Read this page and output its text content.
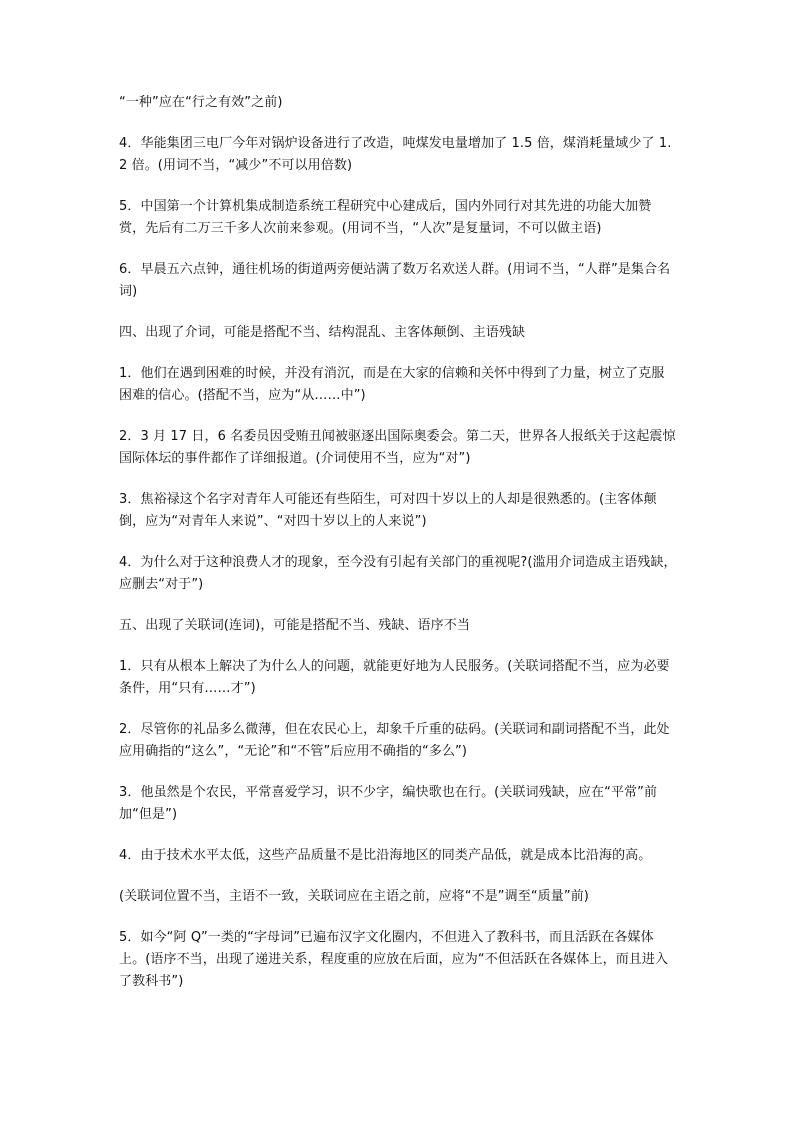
“一种”应在“行之有效”之前)

4．华能集团三电厂今年对锅炉设备进行了改造，吨煤发电量增加了 1.5 倍，煤消耗量域少了 1.2 倍。(用词不当，“减少”不可以用倍数)

5．中国第一个计算机集成制造系统工程研究中心建成后，国内外同行对其先进的功能大加赞赏，先后有二万三千多人次前来参观。(用词不当，“人次”是复量词，不可以做主语)

6．早晨五六点钟，通往机场的街道两旁便站满了数万名欢送人群。(用词不当，“人群”是集合名词)

四、出现了介词，可能是搭配不当、结构混乱、主客体颠倒、主语残缺

1．他们在遇到困难的时候，并没有消沉，而是在大家的信赖和关怀中得到了力量，树立了克服困难的信心。(搭配不当，应为“从……中”)

2．3 月 17 日，6 名委员因受贿丑闻被驱逐出国际奥委会。第二天，世界各人报纸关于这起震惊国际体坛的事件都作了详细报道。(介词使用不当，应为“对”)

3．焦裕禄这个名字对青年人可能还有些陌生，可对四十岁以上的人却是很熟悉的。(主客体颠倒，应为“对青年人来说”、“对四十岁以上的人来说”)

4．为什么对于这种浪费人才的现象，至今没有引起有关部门的重视呢?(滥用介词造成主语残缺，应删去“对于”)

五、出现了关联词(连词)，可能是搭配不当、残缺、语序不当

1．只有从根本上解决了为什么人的问题，就能更好地为人民服务。(关联词搭配不当，应为必要条件，用“只有……才”)

2．尽管你的礼品多么微薄，但在农民心上，却象千斤重的砝码。(关联词和副词搭配不当，此处应用确指的“这么”，“无论”和“不管”后应用不确指的“多么”)

3．他虽然是个农民，平常喜爱学习，识不少字，编快歌也在行。(关联词残缺，应在“平常”前加“但是”)

4．由于技术水平太低，这些产品质量不是比沿海地区的同类产品低，就是成本比沿海的高。

(关联词位置不当，主语不一致，关联词应在主语之前，应将“不是”调至“质量”前)

5．如今“阿 Q”一类的“字母词”已遍布汉字文化圈内，不但进入了教科书，而且活跃在各媒体上。(语序不当，出现了递进关系，程度重的应放在后面，应为“不但活跃在各媒体上，而且进入了教科书”)
